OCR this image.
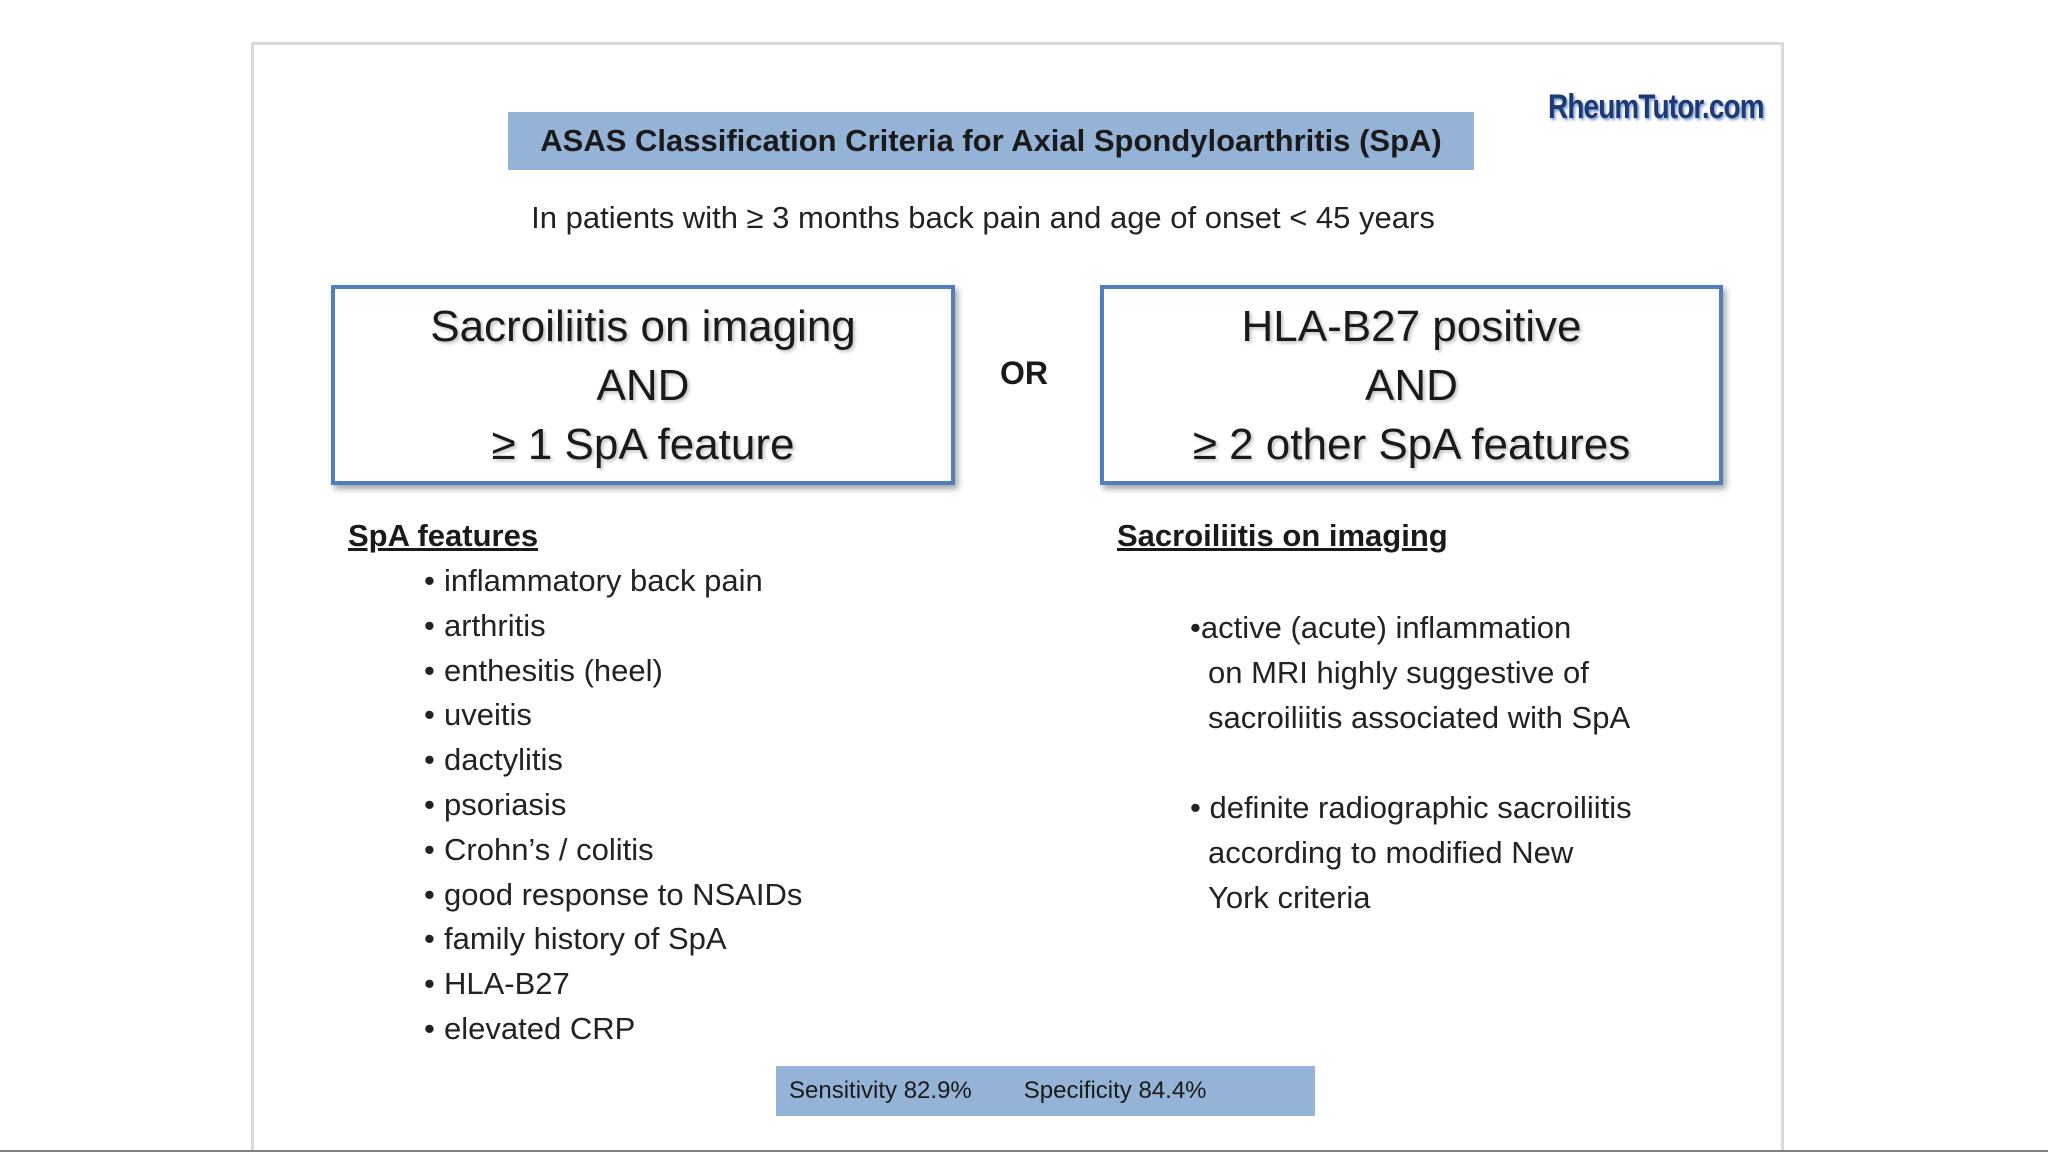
ASAS Classification Criteria for Axial Spondyloarthritis (SpA)
RheumTutor.com
In patients with ≥ 3 months back pain and age of onset < 45 years
Sacroiliitis on imaging
AND
≥ 1 SpA feature
OR
HLA-B27 positive
AND
≥ 2 other SpA features
SpA features
• inflammatory back pain
• arthritis
• enthesitis (heel)
• uveitis
• dactylitis
• psoriasis
• Crohn’s / colitis
• good response to NSAIDs
• family history of SpA
• HLA-B27
• elevated CRP
Sacroiliitis on imaging
•active (acute) inflammation
on MRI highly suggestive of
sacroiliitis associated with SpA
• definite radiographic sacroiliitis
according to modified New
York criteria
Sensitivity 82.9%	Specificity 84.4%
